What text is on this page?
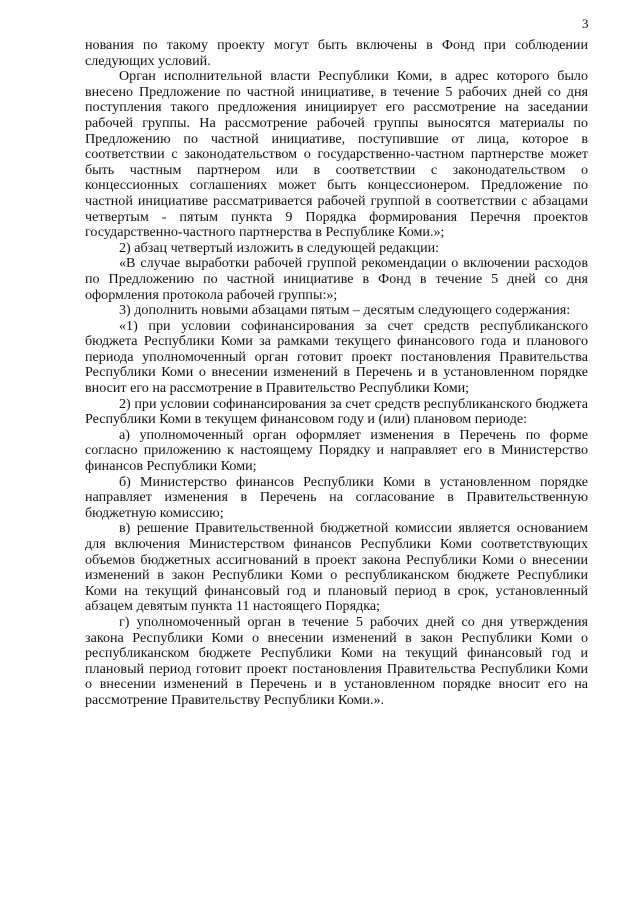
3

нования по такому проекту могут быть включены в Фонд при соблюдении следующих условий.

Орган исполнительной власти Республики Коми, в адрес которого было внесено Предложение по частной инициативе, в течение 5 рабочих дней со дня поступления такого предложения инициирует его рассмотрение на заседании рабочей группы. На рассмотрение рабочей группы выносятся материалы по Предложению по частной инициативе, поступившие от лица, которое в соответствии с законодательством о государственно-частном партнерстве может быть частным партнером или в соответствии с законодательством о концессионных соглашениях может быть концессионером. Предложение по частной инициативе рассматривается рабочей группой в соответствии с абзацами четвертым - пятым пункта 9 Порядка формирования Перечня проектов государственно-частного партнерства в Республике Коми.»;

2) абзац четвертый изложить в следующей редакции:

«В случае выработки рабочей группой рекомендации о включении расходов по Предложению по частной инициативе в Фонд в течение 5 дней со дня оформления протокола рабочей группы:»;

3) дополнить новыми абзацами пятым – десятым следующего содержания:

«1) при условии софинансирования за счет средств республиканского бюджета Республики Коми за рамками текущего финансового года и планового периода уполномоченный орган готовит проект постановления Правительства Республики Коми о внесении изменений в Перечень и в установленном порядке вносит его на рассмотрение в Правительство Республики Коми;

2) при условии софинансирования за счет средств республиканского бюджета Республики Коми в текущем финансовом году и (или) плановом периоде:

а) уполномоченный орган оформляет изменения в Перечень по форме согласно приложению к настоящему Порядку и направляет его в Министерство финансов Республики Коми;

б) Министерство финансов Республики Коми в установленном порядке направляет изменения в Перечень на согласование в Правительственную бюджетную комиссию;

в) решение Правительственной бюджетной комиссии является основанием для включения Министерством финансов Республики Коми соответствующих объемов бюджетных ассигнований в проект закона Республики Коми о внесении изменений в закон Республики Коми о республиканском бюджете Республики Коми на текущий финансовый год и плановый период в срок, установленный абзацем девятым пункта 11 настоящего Порядка;

г) уполномоченный орган в течение 5 рабочих дней со дня утверждения закона Республики Коми о внесении изменений в закон Республики Коми о республиканском бюджете Республики Коми на текущий финансовый год и плановый период готовит проект постановления Правительства Республики Коми о внесении изменений в Перечень и в установленном порядке вносит его на рассмотрение Правительству Республики Коми.».
